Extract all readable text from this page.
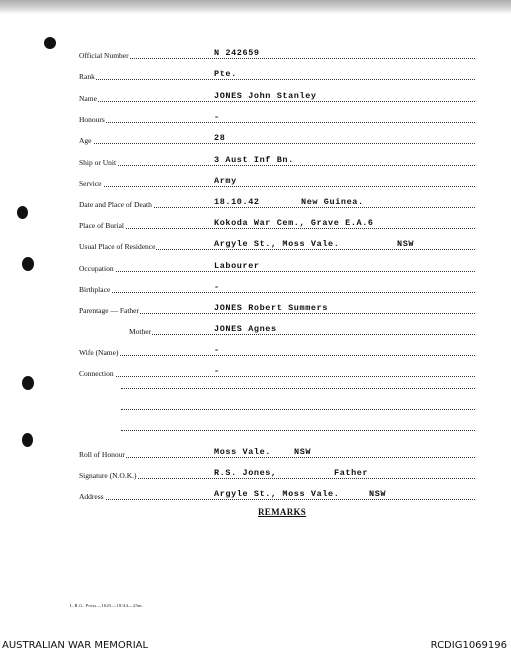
Official Number	N 242659
Rank	Pte.
Name	JONES John Stanley
Honours	-
Age	28
Ship or Unit	3 Aust Inf Bn.
Service	Army
Date and Place of Death	18.10.42	New Guinea.
Place of Burial	Kokoda War Cem., Grave E.A.6
Usual Place of Residence	Argyle St., Moss Vale.	NSW
Occupation	Labourer
Birthplace	-
Parentage — Father	JONES Robert Summers
Mother	JONES Agnes
Wife (Name)	-
Connection	-
Roll of Honour	Moss Vale.	NSW
Signature (N.O.K.)	R.S. Jones,	Father
Address	Argyle St., Moss Vale.	NSW
REMARKS
L.R.G. Press—1625—18/44—25m.
AUSTRALIAN WAR MEMORIAL	RCDIG1069196
